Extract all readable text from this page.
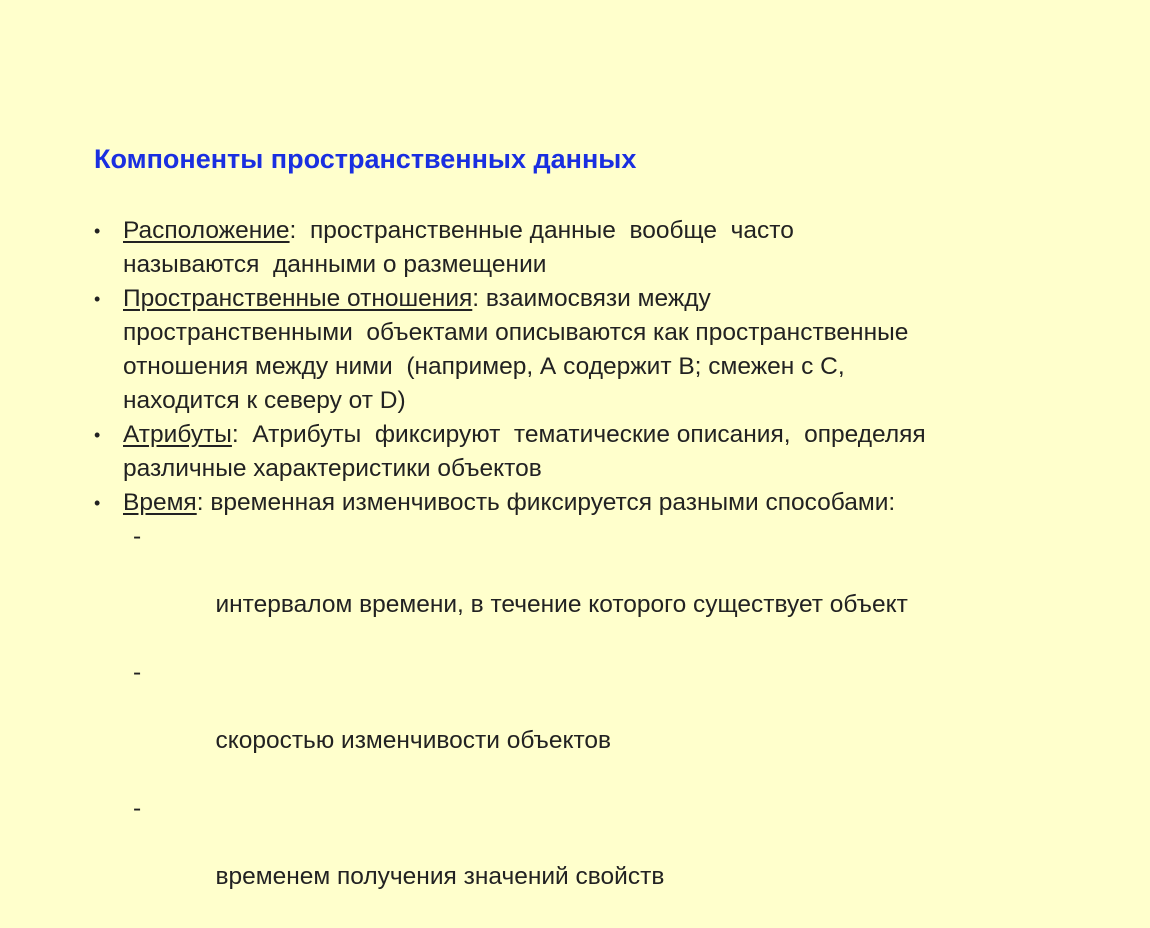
Компоненты пространственных данных
• Расположение:  пространственные данные  вообще  часто
называются  данными о размещении
• Пространственные отношения: взаимосвязи между
пространственными  объектами описываются как пространственные
отношения между ними  (например, А содержит В; смежен с С,
находится к северу от D)
• Атрибуты:  Атрибуты  фиксируют  тематические описания,  определяя
различные характеристики объектов
• Время: временная изменчивость фиксируется разными способами:

-

интервалом времени, в течение которого существует объект

-

скоростью изменчивости объектов

-

временем получения значений свойств
